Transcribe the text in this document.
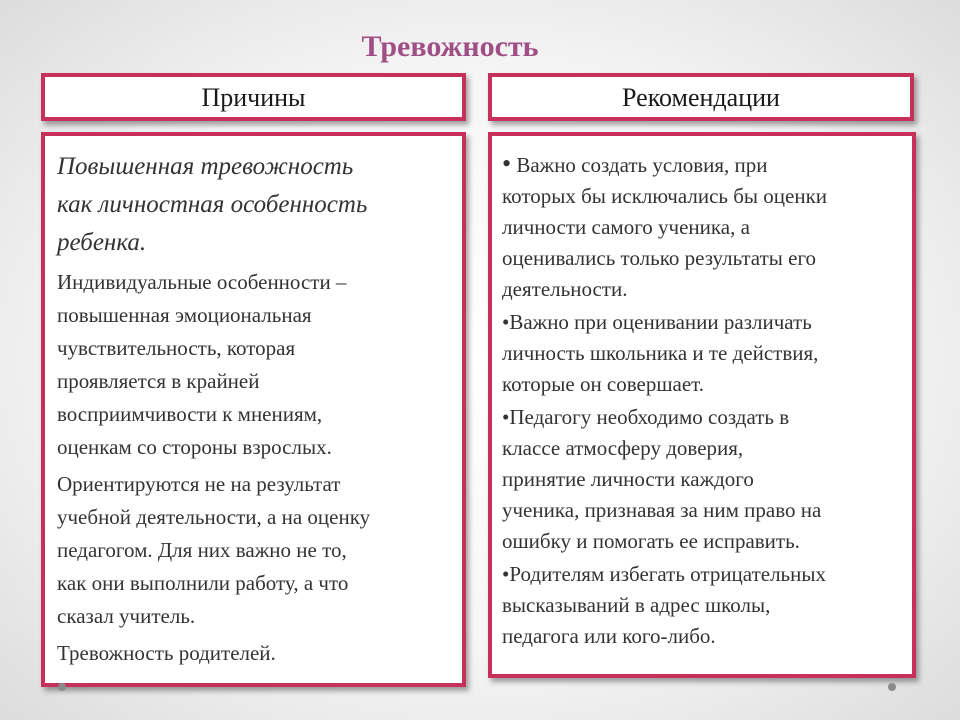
Тревожность
Причины	Рекомендации

Повышенная тревожность
как личностная особенность
ребенка.

Индивидуальные особенности –
повышенная эмоциональная
чувствительность, которая
проявляется в крайней
восприимчивости к мнениям,
оценкам со стороны взрослых.

Ориентируются не на результат
учебной деятельности, а на оценку
педагогом. Для них важно не то,
как они выполнили работу, а что
сказал учитель.

Тревожность родителей.

• Важно создать условия, при
которых бы исключались бы оценки
личности самого ученика, а
оценивались только результаты его
деятельности.

•Важно при оценивании различать
личность школьника и те действия,
которые он совершает.

•Педагогу необходимо создать в
классе атмосферу доверия,
принятие личности каждого
ученика, признавая за ним право на
ошибку и помогать ее исправить.

•Родителям избегать отрицательных
высказываний в адрес школы,
педагога или кого-либо.
